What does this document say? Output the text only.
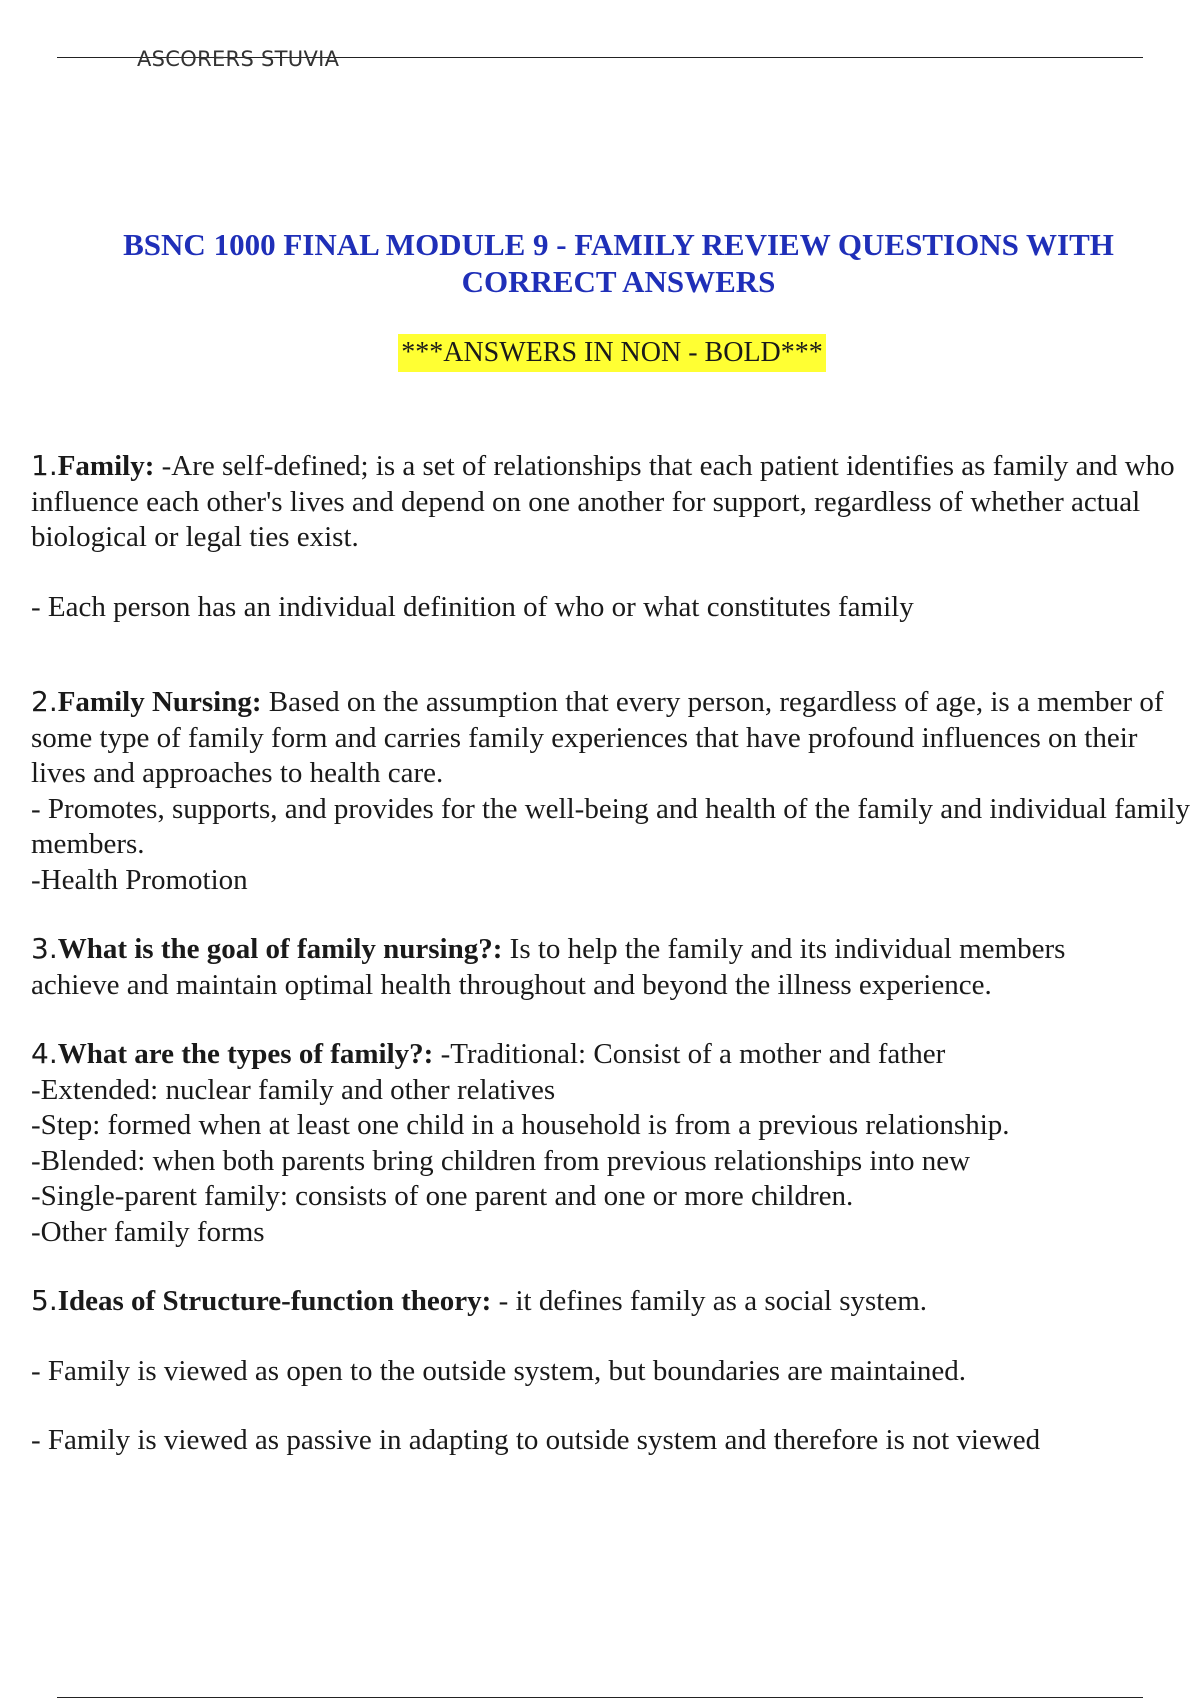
ASCORERS STUVIA
BSNC 1000 FINAL MODULE 9 - FAMILY REVIEW QUESTIONS WITH CORRECT ANSWERS
***ANSWERS IN NON - BOLD***

1.Family: -Are self-defined; is a set of relationships that each patient identifies as family and who influence each other's lives and depend on one another for support, regardless of whether actual biological or legal ties exist.

- Each person has an individual definition of who or what constitutes family

2.Family Nursing: Based on the assumption that every person, regardless of age, is a member of some type of family form and carries family experiences that have profound influences on their lives and approaches to health care.

- Promotes, supports, and provides for the well-being and health of the family and individual family members.

-Health Promotion

3.What is the goal of family nursing?: Is to help the family and its individual members achieve and maintain optimal health throughout and beyond the illness experience.

4.What are the types of family?: -Traditional: Consist of a mother and father

-Extended: nuclear family and other relatives

-Step: formed when at least one child in a household is from a previous relationship.

-Blended: when both parents bring children from previous relationships into new

-Single-parent family: consists of one parent and one or more children.

-Other family forms

5.Ideas of Structure-function theory: - it defines family as a social system.

- Family is viewed as open to the outside system, but boundaries are maintained.

- Family is viewed as passive in adapting to outside system and therefore is not viewed
